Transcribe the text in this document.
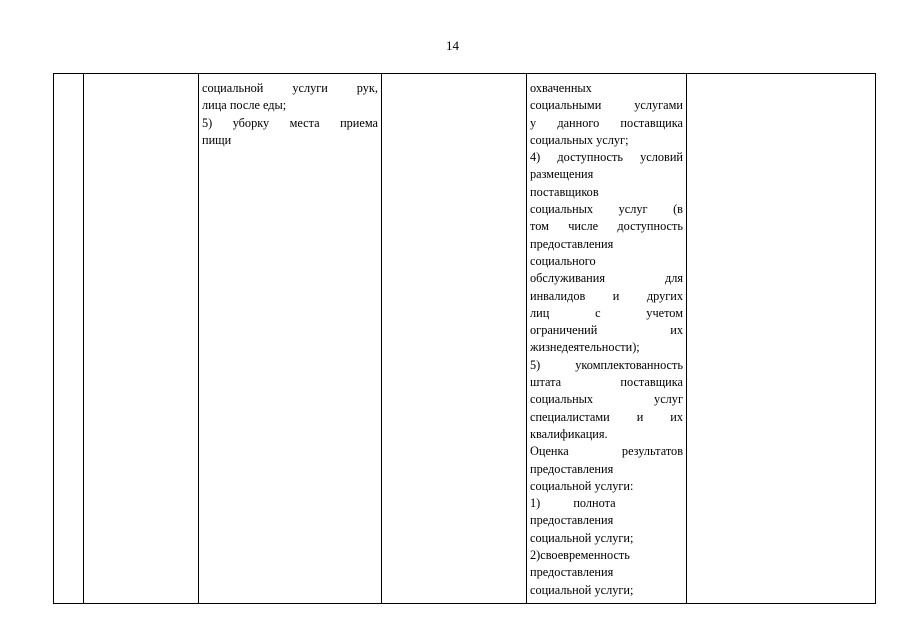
14

социальной услуги рук,
лица после еды;
5) уборку места приема
пищи

охваченных
социальными услугами
у данного поставщика
социальных услуг;
4) доступность условий
размещения
поставщиков
социальных услуг (в
том числе доступность
предоставления
социального
обслуживания для
инвалидов и других
лиц с учетом
ограничений их
жизнедеятельности);
5) укомплектованность
штата поставщика
социальных услуг
специалистами и их
квалификация.
Оценка результатов
предоставления
социальной услуги:
1) полнота
предоставления
социальной услуги;
2)своевременность
предоставления
социальной услуги;
